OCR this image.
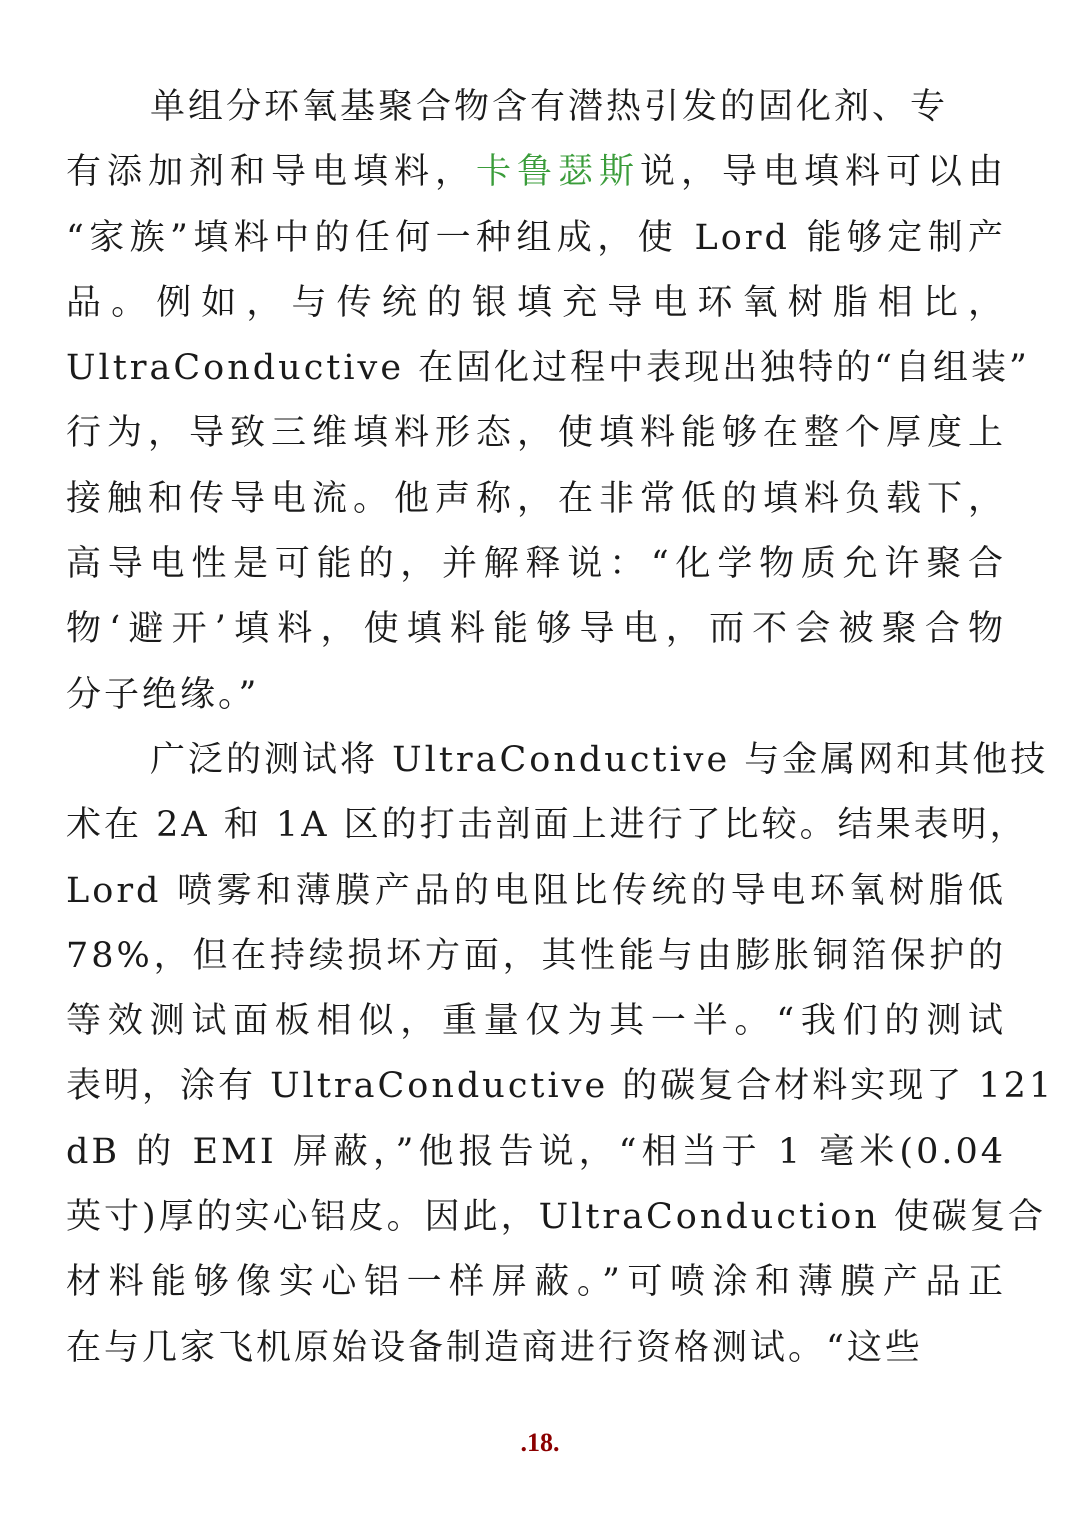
单组分环氧基聚合物含有潜热引发的固化剂、专
有添加剂和导电填料，卡鲁瑟斯说，导电填料可以由
“家族”填料中的任何一种组成，使 Lord 能够定制产
品。例如，与传统的银填充导电环氧树脂相比，
UltraConductive 在固化过程中表现出独特的“自组装”
行为，导致三维填料形态，使填料能够在整个厚度上
接触和传导电流。他声称，在非常低的填料负载下，
高导电性是可能的，并解释说：“化学物质允许聚合
物‘避开’填料，使填料能够导电，而不会被聚合物
分子绝缘。”
广泛的测试将 UltraConductive 与金属网和其他技
术在 2A 和 1A 区的打击剖面上进行了比较。结果表明，
Lord 喷雾和薄膜产品的电阻比传统的导电环氧树脂低
78%，但在持续损坏方面，其性能与由膨胀铜箔保护的
等效测试面板相似，重量仅为其一半。“我们的测试
表明，涂有 UltraConductive 的碳复合材料实现了 121
dB 的 EMI 屏蔽，”他报告说，“相当于 1 毫米(0.04
英寸)厚的实心铝皮。因此，UltraConduction 使碳复合
材料能够像实心铝一样屏蔽。”可喷涂和薄膜产品正
在与几家飞机原始设备制造商进行资格测试。“这些
.18.
